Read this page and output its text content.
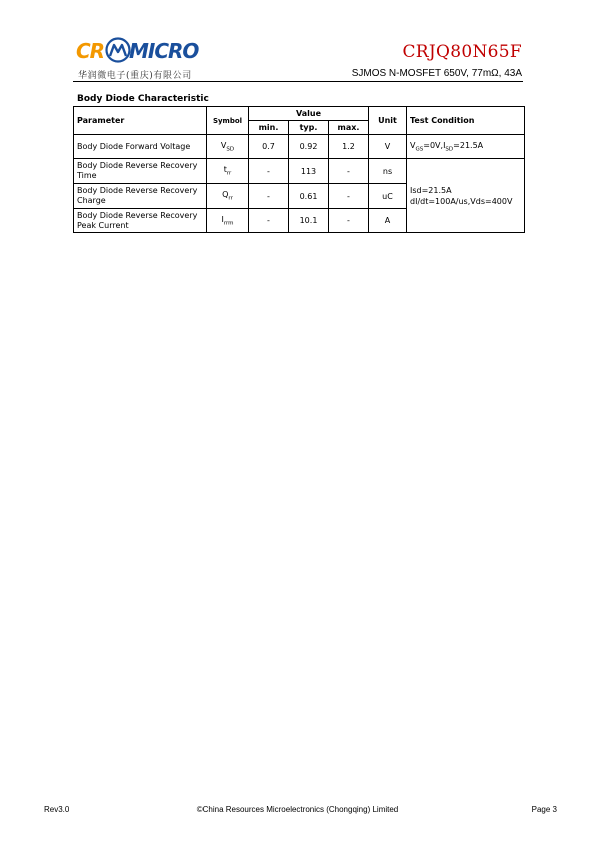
CR MICRO
华润微电子(重庆)有限公司
CRJQ80N65F
SJMOS N-MOSFET 650V, 77mΩ, 43A
Body Diode Characteristic
Parameter	Symbol	Value			Unit	Test Condition
		min.	typ.	max.		
Body Diode Forward Voltage	$V_{SD}$	0.7	0.92	1.2	V	$V_{GS}=0V,I_{SD}=21.5A$
Body Diode Reverse Recovery Time	$t_{rr}$	-	113	-	ns	Isd=21.5A
dI/dt=100A/us,Vds=400V

Body Diode Reverse Recovery Charge	$Q_{rr}$	-	0.61	-	uC	
Body Diode Reverse Recovery Peak Current	$I_{rrm}$	-	10.1	-	A	
Rev3.0	©China Resources Microelectronics (Chongqing) Limited	Page 3
